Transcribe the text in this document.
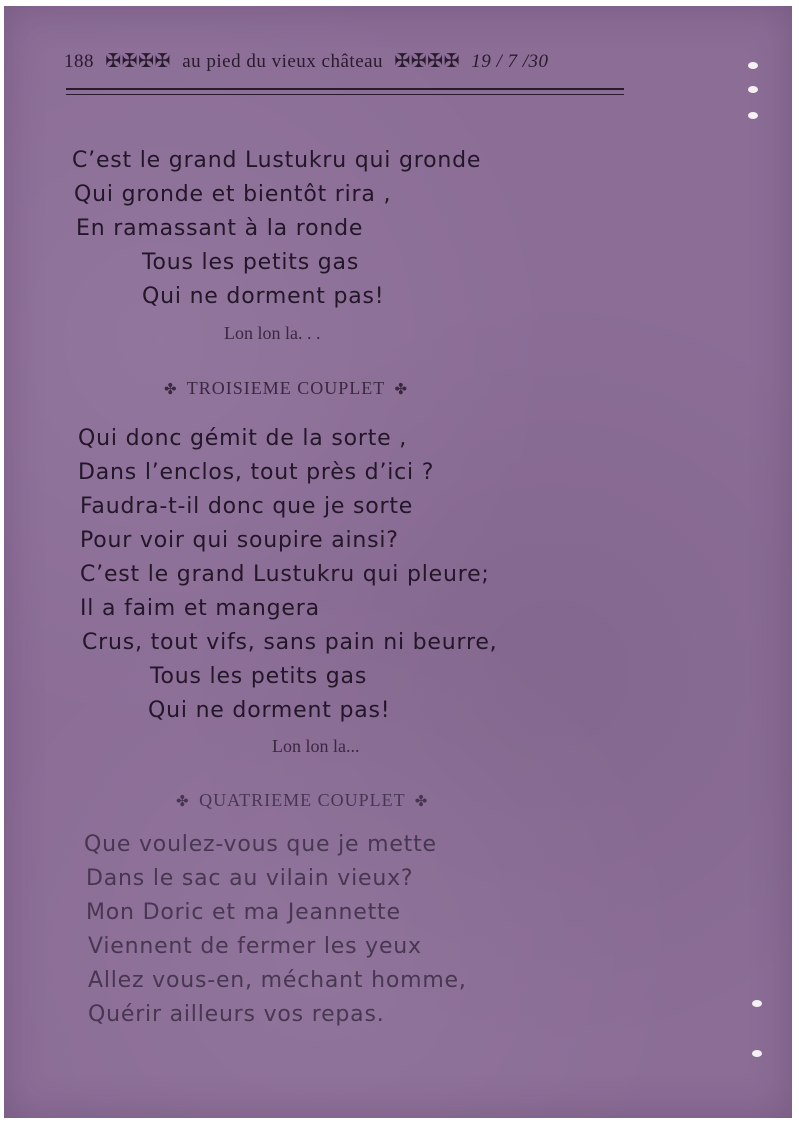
188 ✠✠✠✠ au pied du vieux château ✠✠✠✠ 19 / 7 /30
C’est le grand Lustukru qui gronde
Qui gronde et bientôt rira ,
En ramassant à la ronde
Tous les petits gas
Qui ne dorment pas!
Lon lon la. . .
✤ TROISIEME COUPLET ✤
Qui donc gémit de la sorte ,
Dans l’enclos, tout près d’ici ?
Faudra-t-il donc que je sorte
Pour voir qui soupire ainsi?
C’est le grand Lustukru qui pleure;
Il a faim et mangera
Crus, tout vifs, sans pain ni beurre,
Tous les petits gas
Qui ne dorment pas!
Lon lon la...
✤ QUATRIEME COUPLET ✤
Que voulez-vous que je mette
Dans le sac au vilain vieux?
Mon Doric et ma Jeannette
Viennent de fermer les yeux
Allez vous-en, méchant homme,
Quérir ailleurs vos repas.
